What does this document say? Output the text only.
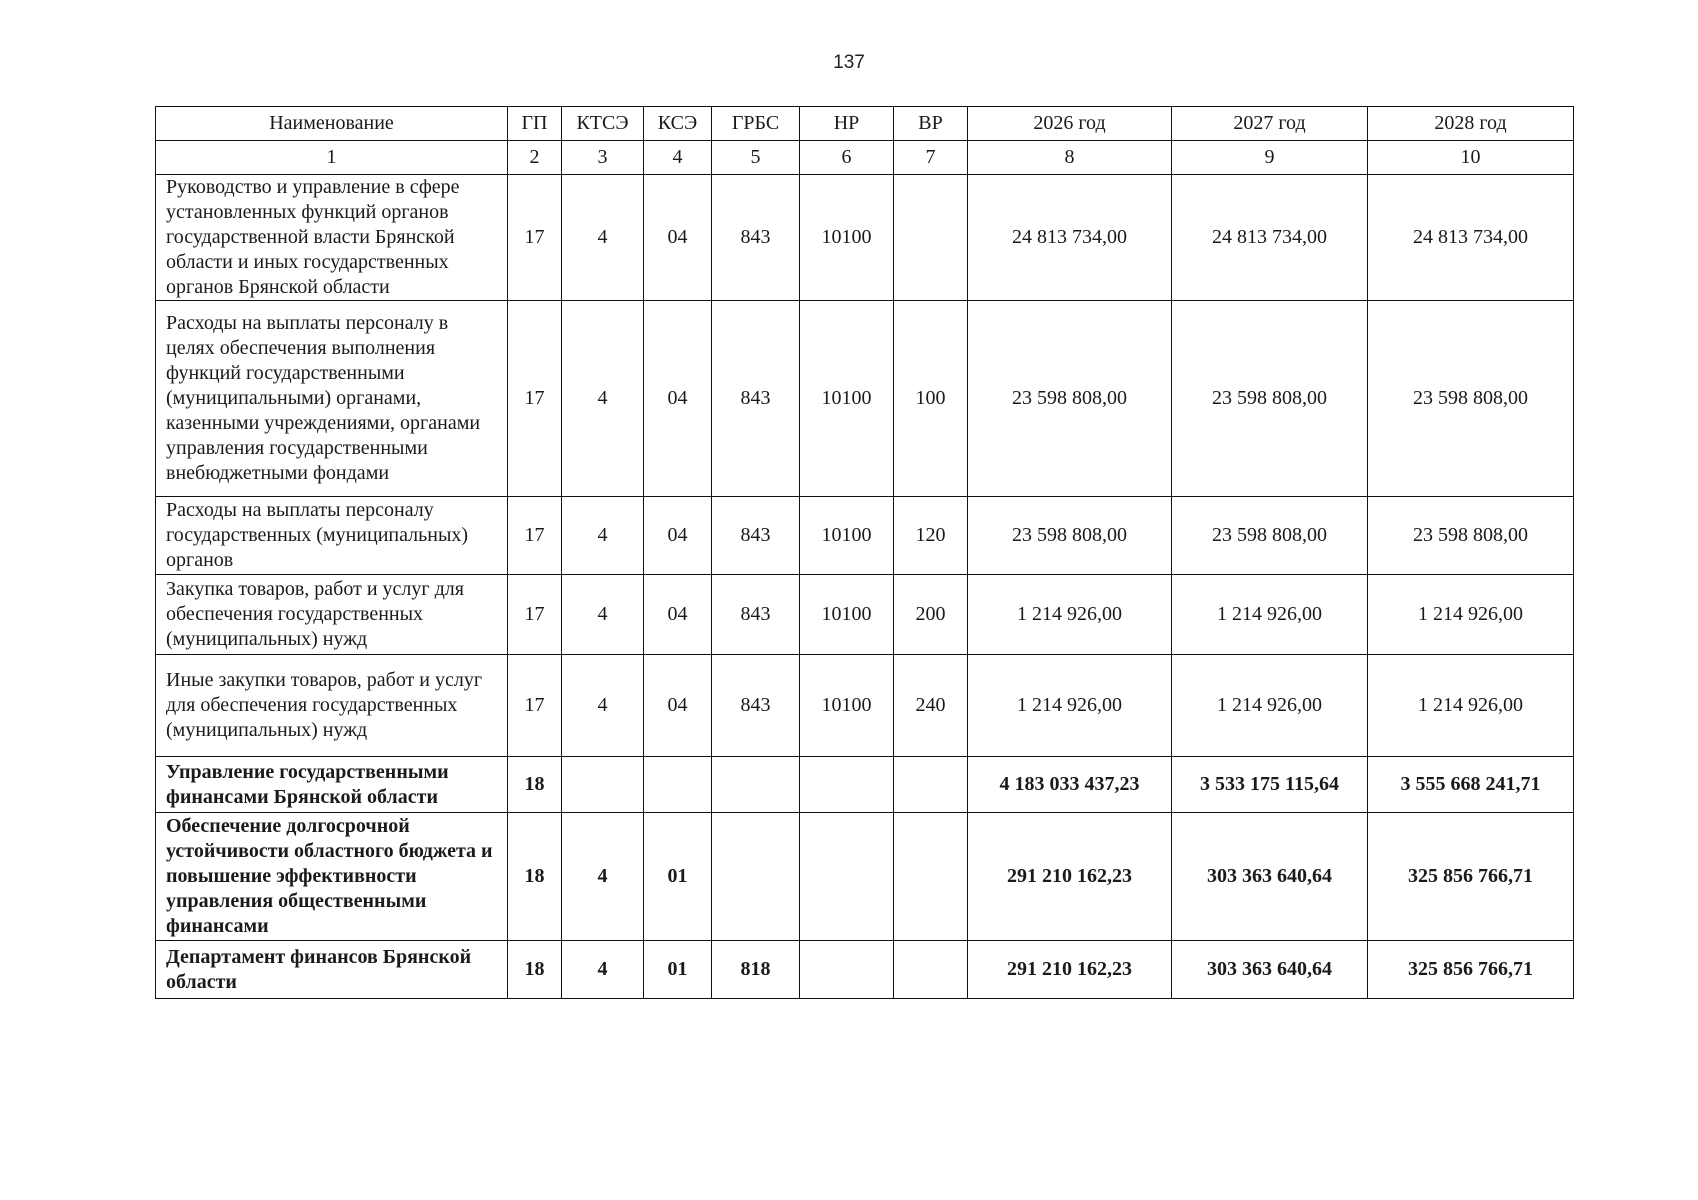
137
Наименование	ГП	КТСЭ	КСЭ	ГРБС	НР	ВР	2026 год	2027 год	2028 год
1	2	3	4	5	6	7	8	9	10
Руководство и управление в сфере установленных функций органов государственной власти Брянской области и иных государственных органов Брянской области	17	4	04	843	10100		24 813 734,00	24 813 734,00	24 813 734,00
Расходы на выплаты персоналу в целях обеспечения выполнения функций государственными (муниципальными) органами, казенными учреждениями, органами управления государственными внебюджетными фондами	17	4	04	843	10100	100	23 598 808,00	23 598 808,00	23 598 808,00
Расходы на выплаты персоналу государственных (муниципальных) органов	17	4	04	843	10100	120	23 598 808,00	23 598 808,00	23 598 808,00
Закупка товаров, работ и услуг для обеспечения государственных (муниципальных) нужд	17	4	04	843	10100	200	1 214 926,00	1 214 926,00	1 214 926,00
Иные закупки товаров, работ и услуг для обеспечения государственных (муниципальных) нужд	17	4	04	843	10100	240	1 214 926,00	1 214 926,00	1 214 926,00
Управление государственными финансами Брянской области	18						4 183 033 437,23	3 533 175 115,64	3 555 668 241,71
Обеспечение долгосрочной устойчивости областного бюджета и повышение эффективности управления общественными финансами	18	4	01				291 210 162,23	303 363 640,64	325 856 766,71
Департамент финансов Брянской области	18	4	01	818			291 210 162,23	303 363 640,64	325 856 766,71
